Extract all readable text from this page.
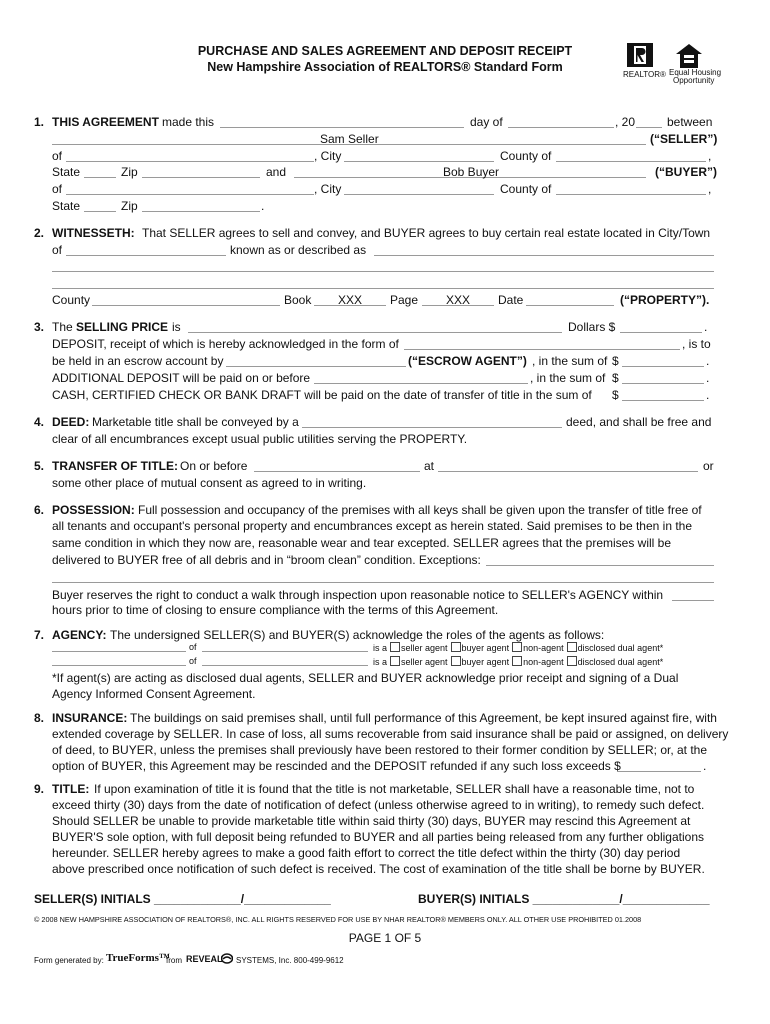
PURCHASE AND SALES AGREEMENT AND DEPOSIT RECEIPT
New Hampshire Association of REALTORS® Standard Form
REALTOR® Equal Housing
Opportunity
1. THIS AGREEMENT made this	day of	, 20	between
Sam Seller	(“SELLER”)
of	, City	County of	,
State	Zip	and	Bob Buyer	(“BUYER”)
of	, City	County of	,
State	Zip	.
2. WITNESSETH: That SELLER agrees to sell and convey, and BUYER agrees to buy certain real estate located in City/Town
of	known as or described as
County	Book XXX Page XXX Date	(“PROPERTY”).
3. The SELLING PRICE is	Dollars $	.
DEPOSIT, receipt of which is hereby acknowledged in the form of	, is to
be held in an escrow account by	(“ESCROW AGENT”) , in the sum of $	.
ADDITIONAL DEPOSIT will be paid on or before	, in the sum of $	.
CASH, CERTIFIED CHECK OR BANK DRAFT will be paid on the date of transfer of title in the sum of $	.
4. DEED: Marketable title shall be conveyed by a	deed, and shall be free and
clear of all encumbrances except usual public utilities serving the PROPERTY.
5. TRANSFER OF TITLE: On or before	at	or
some other place of mutual consent as agreed to in writing.
6. POSSESSION: Full possession and occupancy of the premises with all keys shall be given upon the transfer of title free of
all tenants and occupant's personal property and encumbrances except as herein stated. Said premises to be then in the
same condition in which they now are, reasonable wear and tear excepted. SELLER agrees that the premises will be
delivered to BUYER free of all debris and in “broom clean” condition. Exceptions:
Buyer reserves the right to conduct a walk through inspection upon reasonable notice to SELLER's AGENCY within
hours prior to time of closing to ensure compliance with the terms of this Agreement.
7. AGENCY: The undersigned SELLER(S) and BUYER(S) acknowledge the roles of the agents as follows:
of	is a seller agent buyer agent non-agent disclosed dual agent*
of	is a seller agent buyer agent non-agent disclosed dual agent*
*If agent(s) are acting as disclosed dual agents, SELLER and BUYER acknowledge prior receipt and signing of a Dual
Agency Informed Consent Agreement.
8. INSURANCE: The buildings on said premises shall, until full performance of this Agreement, be kept insured against fire, with
extended coverage by SELLER. In case of loss, all sums recoverable from said insurance shall be paid or assigned, on delivery
of deed, to BUYER, unless the premises shall previously have been restored to their former condition by SELLER; or, at the
option of BUYER, this Agreement may be rescinded and the DEPOSIT refunded if any such loss exceeds $	.
9. TITLE: If upon examination of title it is found that the title is not marketable, SELLER shall have a reasonable time, not to
exceed thirty (30) days from the date of notification of defect (unless otherwise agreed to in writing), to remedy such defect.
Should SELLER be unable to provide marketable title within said thirty (30) days, BUYER may rescind this Agreement at
BUYER'S sole option, with full deposit being refunded to BUYER and all parties being released from any further obligations
hereunder. SELLER hereby agrees to make a good faith effort to correct the title defect within the thirty (30) day period
above prescribed once notification of such defect is received. The cost of examination of the title shall be borne by BUYER.
SELLER(S) INITIALS _____________/_____________	BUYER(S) INITIALS _____________/_____________
© 2008 NEW HAMPSHIRE ASSOCIATION OF REALTORS®, INC. ALL RIGHTS RESERVED FOR USE BY NHAR REALTOR® MEMBERS ONLY. ALL OTHER USE PROHIBITED 01.2008
PAGE 1 OF 5
Form generated by: TrueForms™
from REVEAL SYSTEMS, Inc. 800-499-9612
